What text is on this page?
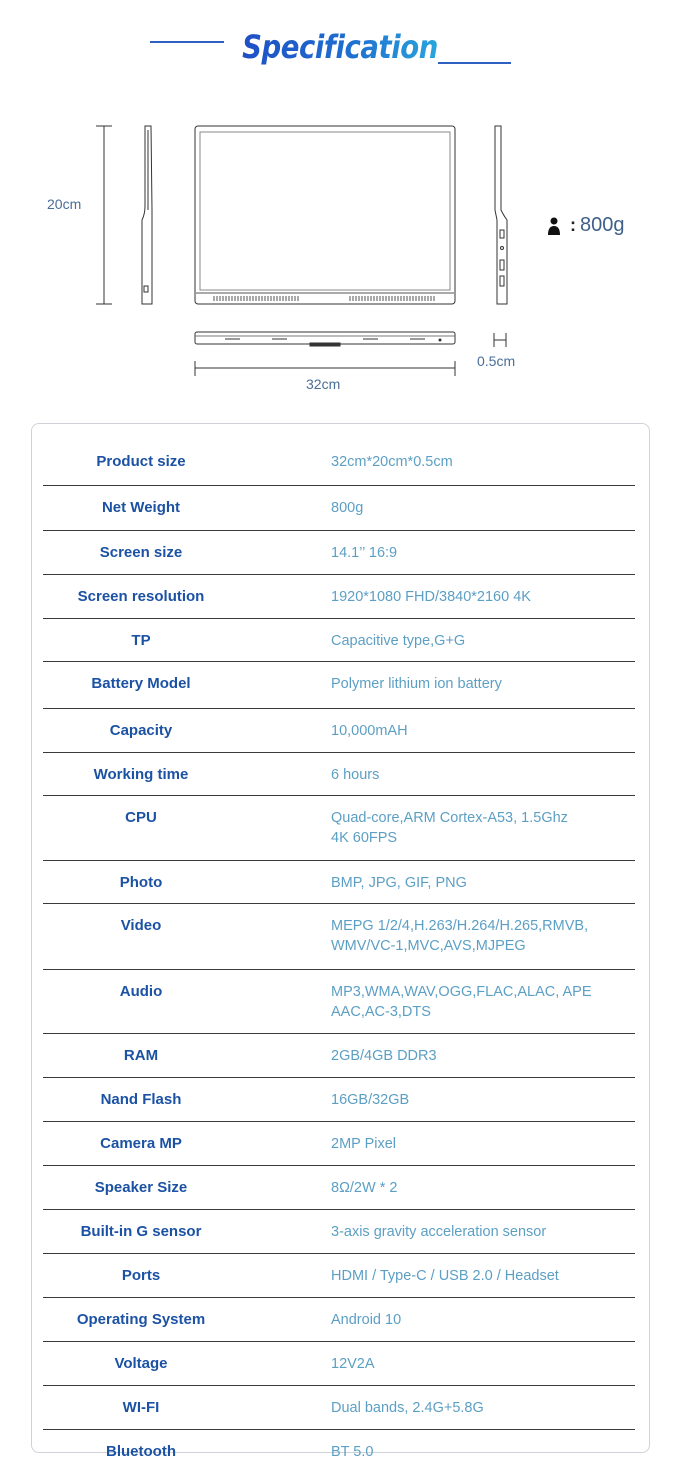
Specification
20cm
32cm
0.5cm
: 800g
Product size	32cm*20cm*0.5cm
Net Weight	800g
Screen size	14.1’’ 16:9
Screen resolution	1920*1080 FHD/3840*2160 4K
TP	Capacitive type,G+G
Battery Model	Polymer lithium ion battery
Capacity	10,000mAH
Working time	6 hours
CPU	Quad-core,ARM Cortex-A53, 1.5Ghz
4K 60FPS
Photo	BMP, JPG, GIF, PNG
Video	MEPG 1/2/4,H.263/H.264/H.265,RMVB,
WMV/VC-1,MVC,AVS,MJPEG
Audio	MP3,WMA,WAV,OGG,FLAC,ALAC, APE
AAC,AC-3,DTS
RAM	2GB/4GB DDR3
Nand Flash	16GB/32GB
Camera MP	2MP Pixel
Speaker Size	8Ω/2W * 2
Built-in G sensor	3-axis gravity acceleration sensor
Ports	HDMI / Type-C / USB 2.0 / Headset
Operating System	Android 10
Voltage	12V2A
WI-FI	Dual bands, 2.4G+5.8G
Bluetooth	BT 5.0
